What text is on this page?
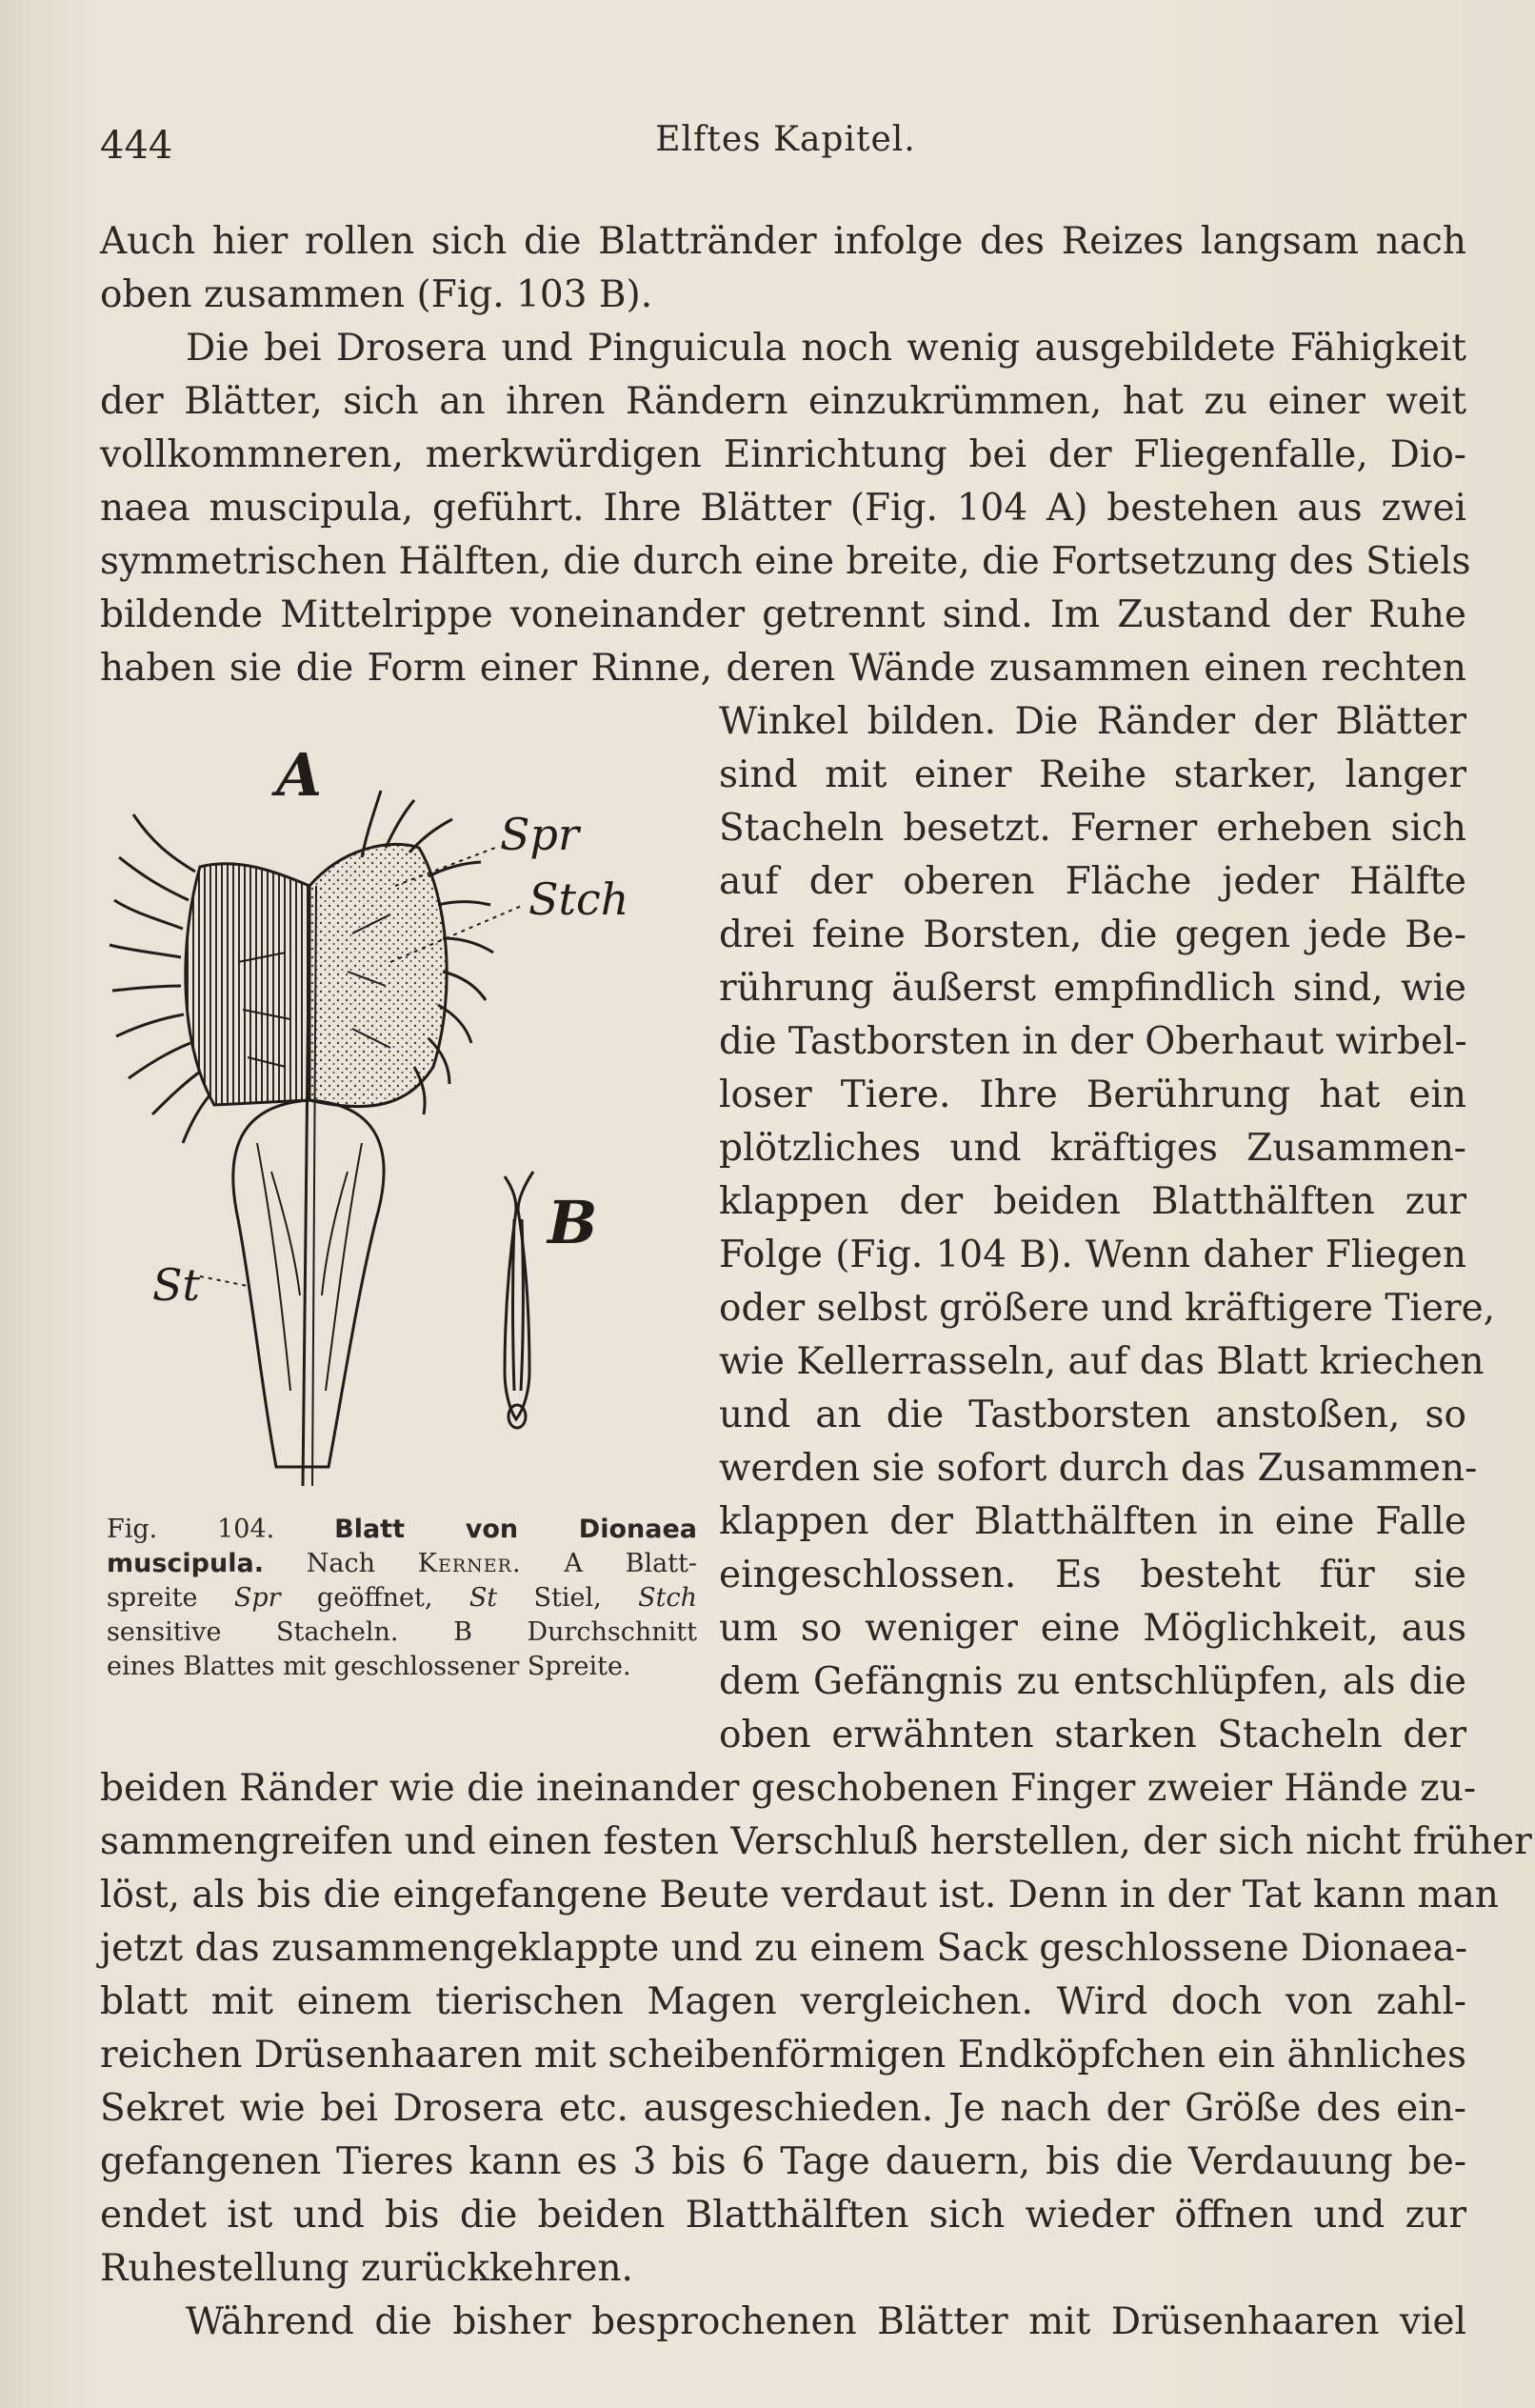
444	Elftes Kapitel.
Auch hier rollen sich die Blattränder infolge des Reizes langsam nach
oben zusammen (Fig. 103 B).
Die bei Drosera und Pinguicula noch wenig ausgebildete Fähigkeit
der Blätter, sich an ihren Rändern einzukrümmen, hat zu einer weit
vollkommneren, merkwürdigen Einrichtung bei der Fliegenfalle, Dio-
naea muscipula, geführt. Ihre Blätter (Fig. 104 A) bestehen aus zwei
symmetrischen Hälften, die durch eine breite, die Fortsetzung des Stiels
bildende Mittelrippe voneinander getrennt sind. Im Zustand der Ruhe
haben sie die Form einer Rinne, deren Wände zusammen einen rechten
Winkel bilden. Die Ränder der Blätter
sind mit einer Reihe starker, langer
Stacheln besetzt. Ferner erheben sich
auf der oberen Fläche jeder Hälfte
drei feine Borsten, die gegen jede Be-
rührung äußerst empfindlich sind, wie
die Tastborsten in der Oberhaut wirbel-
loser Tiere. Ihre Berührung hat ein
plötzliches und kräftiges Zusammen-
klappen der beiden Blatthälften zur
Folge (Fig. 104 B). Wenn daher Fliegen
oder selbst größere und kräftigere Tiere,
wie Kellerrasseln, auf das Blatt kriechen
und an die Tastborsten anstoßen, so
werden sie sofort durch das Zusammen-
klappen der Blatthälften in eine Falle
eingeschlossen. Es besteht für sie
um so weniger eine Möglichkeit, aus
dem Gefängnis zu entschlüpfen, als die
oben erwähnten starken Stacheln der
beiden Ränder wie die ineinander geschobenen Finger zweier Hände zu-
sammengreifen und einen festen Verschluß herstellen, der sich nicht früher
löst, als bis die eingefangene Beute verdaut ist. Denn in der Tat kann man
jetzt das zusammengeklappte und zu einem Sack geschlossene Dionaea-
blatt mit einem tierischen Magen vergleichen. Wird doch von zahl-
reichen Drüsenhaaren mit scheibenförmigen Endköpfchen ein ähnliches
Sekret wie bei Drosera etc. ausgeschieden. Je nach der Größe des ein-
gefangenen Tieres kann es 3 bis 6 Tage dauern, bis die Verdauung be-
endet ist und bis die beiden Blatthälften sich wieder öffnen und zur
Ruhestellung zurückkehren.
Während die bisher besprochenen Blätter mit Drüsenhaaren viel
A
Spr
Stch
St
B
Fig. 104. Blatt von Dionaea
muscipula. Nach Kerner. A Blatt-
spreite Spr geöffnet, St Stiel, Stch
sensitive Stacheln. B Durchschnitt
eines Blattes mit geschlossener Spreite.
